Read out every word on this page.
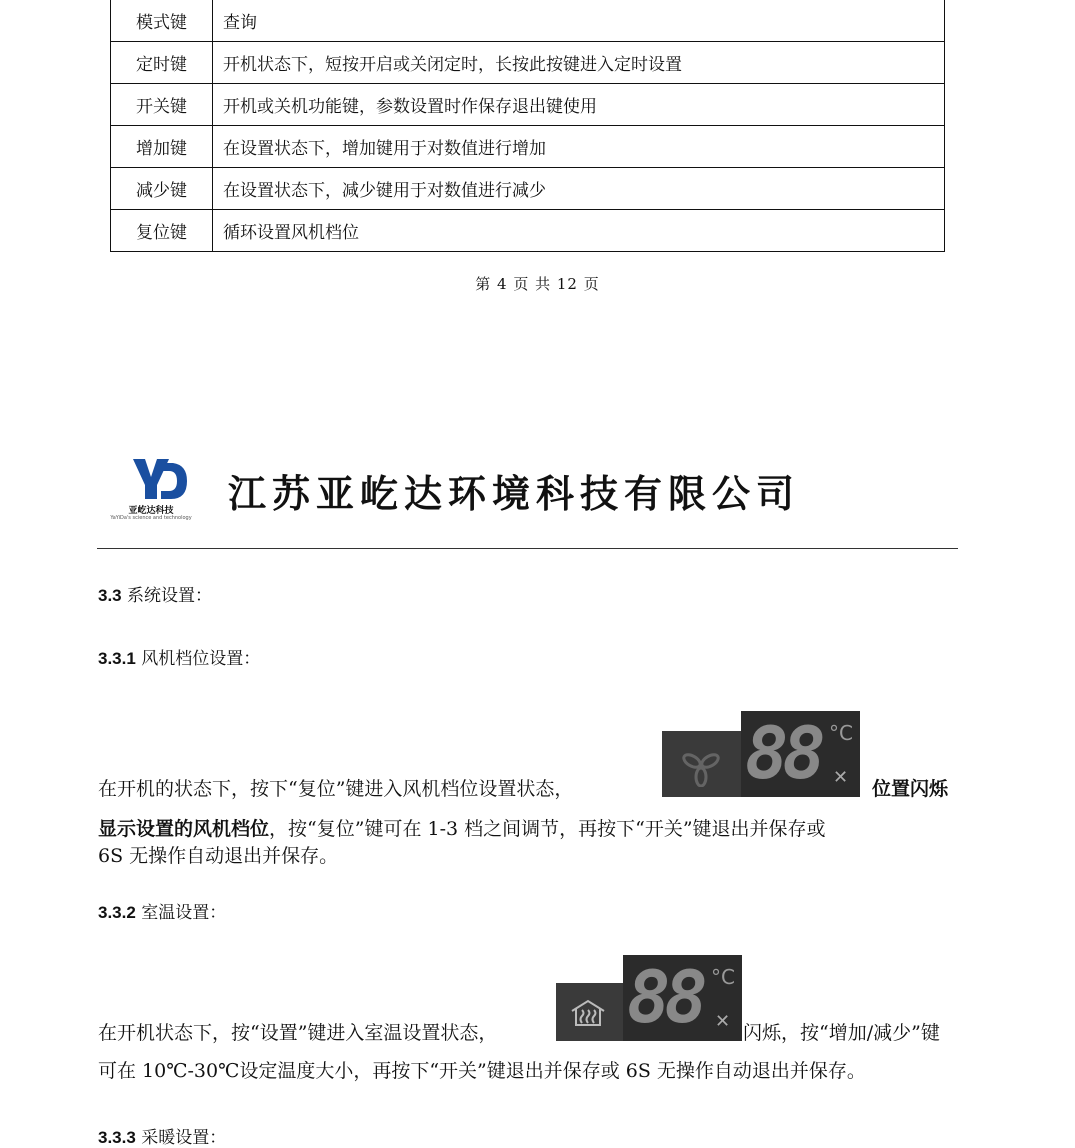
模式键	查询
定时键	开机状态下，短按开启或关闭定时，长按此按键进入定时设置
开关键	开机或关机功能键，参数设置时作保存退出键使用
增加键	在设置状态下，增加键用于对数值进行增加
减少键	在设置状态下，减少键用于对数值进行减少
复位键	循环设置风机档位
第 4 页 共 12 页
亚屹达科技
YaYiDa's science and technology
江苏亚屹达环境科技有限公司
3.3 系统设置：
3.3.1 风机档位设置：
88 °C
✕
在开机的状态下，按下“复位”键进入风机档位设置状态，	位置闪烁
显示设置的风机档位，按“复位”键可在 1-3 档之间调节，再按下“开关”键退出并保存或
6S 无操作自动退出并保存。
3.3.2 室温设置：
88 °C
✕
在开机状态下，按“设置”键进入室温设置状态，	闪烁，按“增加/减少”键
可在 10℃-30℃设定温度大小，再按下“开关”键退出并保存或 6S 无操作自动退出并保存。
3.3.3 采暖设置：
